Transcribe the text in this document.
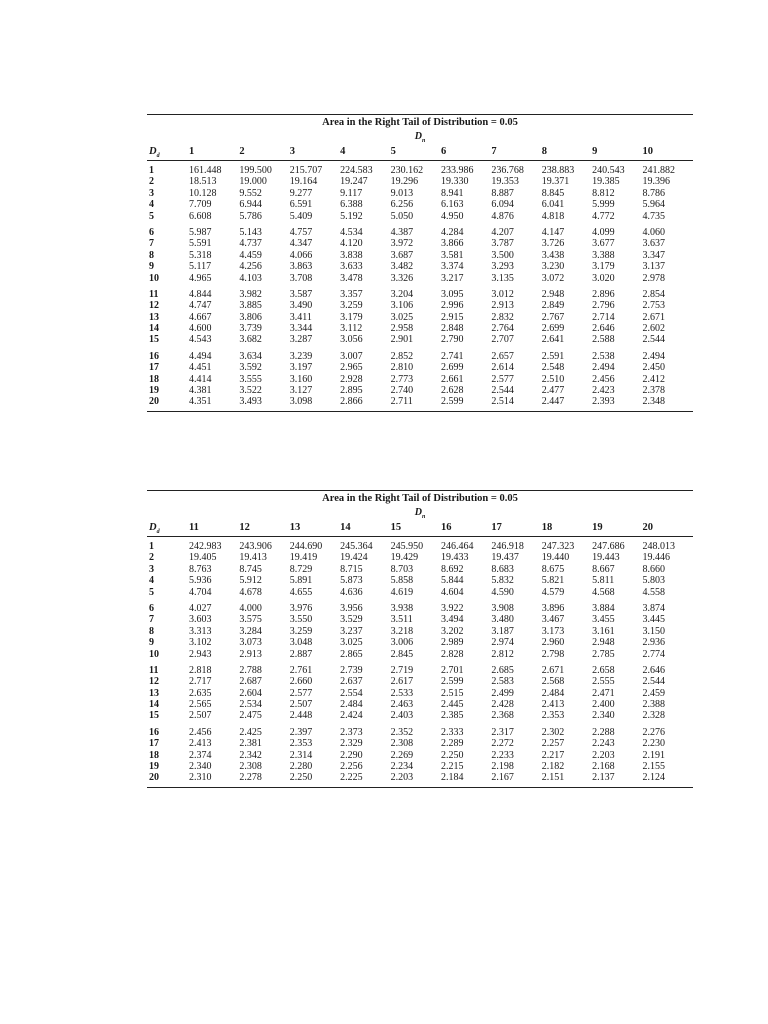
Area in the Right Tail of Distribution = 0.05
$D_n$
$D_d$	1	2	3	4	5	6	7	8	9	10
1	161.448	199.500	215.707	224.583	230.162	233.986	236.768	238.883	240.543	241.882
2	18.513	19.000	19.164	19.247	19.296	19.330	19.353	19.371	19.385	19.396
3	10.128	9.552	9.277	9.117	9.013	8.941	8.887	8.845	8.812	8.786
4	7.709	6.944	6.591	6.388	6.256	6.163	6.094	6.041	5.999	5.964
5	6.608	5.786	5.409	5.192	5.050	4.950	4.876	4.818	4.772	4.735
6	5.987	5.143	4.757	4.534	4.387	4.284	4.207	4.147	4.099	4.060
7	5.591	4.737	4.347	4.120	3.972	3.866	3.787	3.726	3.677	3.637
8	5.318	4.459	4.066	3.838	3.687	3.581	3.500	3.438	3.388	3.347
9	5.117	4.256	3.863	3.633	3.482	3.374	3.293	3.230	3.179	3.137
10	4.965	4.103	3.708	3.478	3.326	3.217	3.135	3.072	3.020	2.978
11	4.844	3.982	3.587	3.357	3.204	3.095	3.012	2.948	2.896	2.854
12	4.747	3.885	3.490	3.259	3.106	2.996	2.913	2.849	2.796	2.753
13	4.667	3.806	3.411	3.179	3.025	2.915	2.832	2.767	2.714	2.671
14	4.600	3.739	3.344	3.112	2.958	2.848	2.764	2.699	2.646	2.602
15	4.543	3.682	3.287	3.056	2.901	2.790	2.707	2.641	2.588	2.544
16	4.494	3.634	3.239	3.007	2.852	2.741	2.657	2.591	2.538	2.494
17	4.451	3.592	3.197	2.965	2.810	2.699	2.614	2.548	2.494	2.450
18	4.414	3.555	3.160	2.928	2.773	2.661	2.577	2.510	2.456	2.412
19	4.381	3.522	3.127	2.895	2.740	2.628	2.544	2.477	2.423	2.378
20	4.351	3.493	3.098	2.866	2.711	2.599	2.514	2.447	2.393	2.348
Area in the Right Tail of Distribution = 0.05
$D_n$
$D_d$	11	12	13	14	15	16	17	18	19	20
1	242.983	243.906	244.690	245.364	245.950	246.464	246.918	247.323	247.686	248.013
2	19.405	19.413	19.419	19.424	19.429	19.433	19.437	19.440	19.443	19.446
3	8.763	8.745	8.729	8.715	8.703	8.692	8.683	8.675	8.667	8.660
4	5.936	5.912	5.891	5.873	5.858	5.844	5.832	5.821	5.811	5.803
5	4.704	4.678	4.655	4.636	4.619	4.604	4.590	4.579	4.568	4.558
6	4.027	4.000	3.976	3.956	3.938	3.922	3.908	3.896	3.884	3.874
7	3.603	3.575	3.550	3.529	3.511	3.494	3.480	3.467	3.455	3.445
8	3.313	3.284	3.259	3.237	3.218	3.202	3.187	3.173	3.161	3.150
9	3.102	3.073	3.048	3.025	3.006	2.989	2.974	2.960	2.948	2.936
10	2.943	2.913	2.887	2.865	2.845	2.828	2.812	2.798	2.785	2.774
11	2.818	2.788	2.761	2.739	2.719	2.701	2.685	2.671	2.658	2.646
12	2.717	2.687	2.660	2.637	2.617	2.599	2.583	2.568	2.555	2.544
13	2.635	2.604	2.577	2.554	2.533	2.515	2.499	2.484	2.471	2.459
14	2.565	2.534	2.507	2.484	2.463	2.445	2.428	2.413	2.400	2.388
15	2.507	2.475	2.448	2.424	2.403	2.385	2.368	2.353	2.340	2.328
16	2.456	2.425	2.397	2.373	2.352	2.333	2.317	2.302	2.288	2.276
17	2.413	2.381	2.353	2.329	2.308	2.289	2.272	2.257	2.243	2.230
18	2.374	2.342	2.314	2.290	2.269	2.250	2.233	2.217	2.203	2.191
19	2.340	2.308	2.280	2.256	2.234	2.215	2.198	2.182	2.168	2.155
20	2.310	2.278	2.250	2.225	2.203	2.184	2.167	2.151	2.137	2.124
